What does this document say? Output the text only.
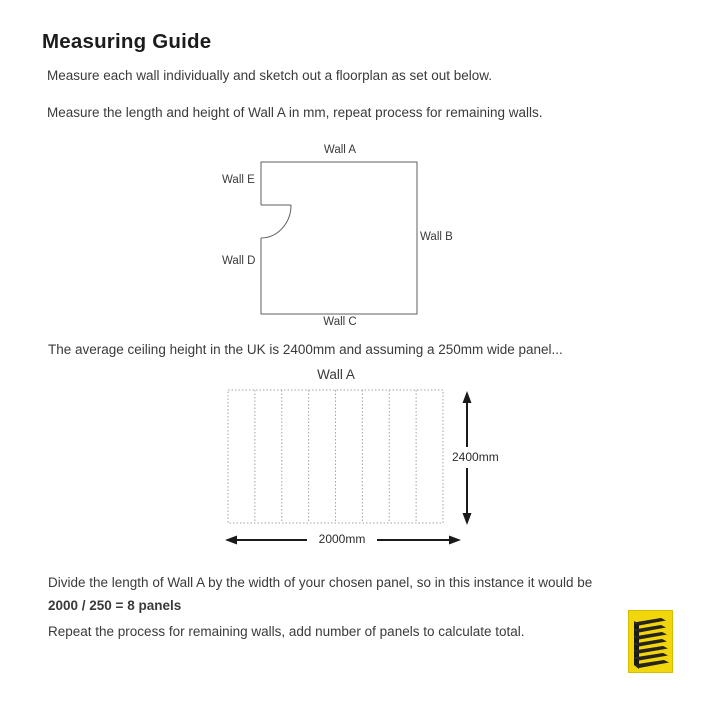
Measuring Guide
Measure each wall individually and sketch out a floorplan as set out below.
Measure the length and height of Wall A in mm, repeat process for remaining walls.
Wall A
Wall E
Wall B
Wall D
Wall C
The average ceiling height in the UK is 2400mm and assuming a 250mm wide panel...
Wall A
2400mm
2000mm
Divide the length of Wall A by the width of your chosen panel, so in this instance it would be
2000 / 250 = 8 panels
Repeat the process for remaining walls, add number of panels to calculate total.
